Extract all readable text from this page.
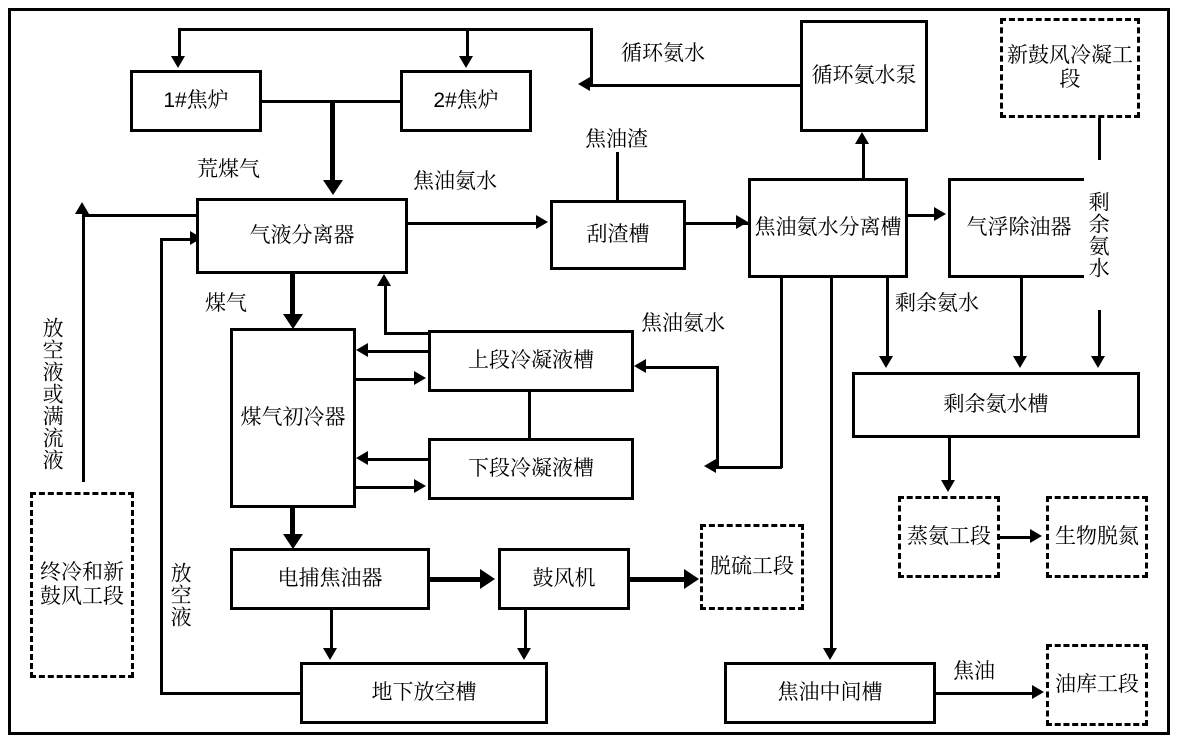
1#焦炉	2#焦炉
循环氨水泵
新鼓风冷凝工段
气液分离器	刮渣槽	焦油氨水分离槽	气浮除油器
煤气初冷器
上段冷凝液槽
下段冷凝液槽
剩余氨水槽
电捕焦油器	鼓风机
脱硫工段
蒸氨工段	生物脱氮
地下放空槽	焦油中间槽	油库工段
终冷和新鼓风工段
循环氨水
荒煤气
焦油氨水
焦油渣
煤气
焦油氨水
剩余氨水
剩余氨水
放空液或满流液
放空液
焦油
